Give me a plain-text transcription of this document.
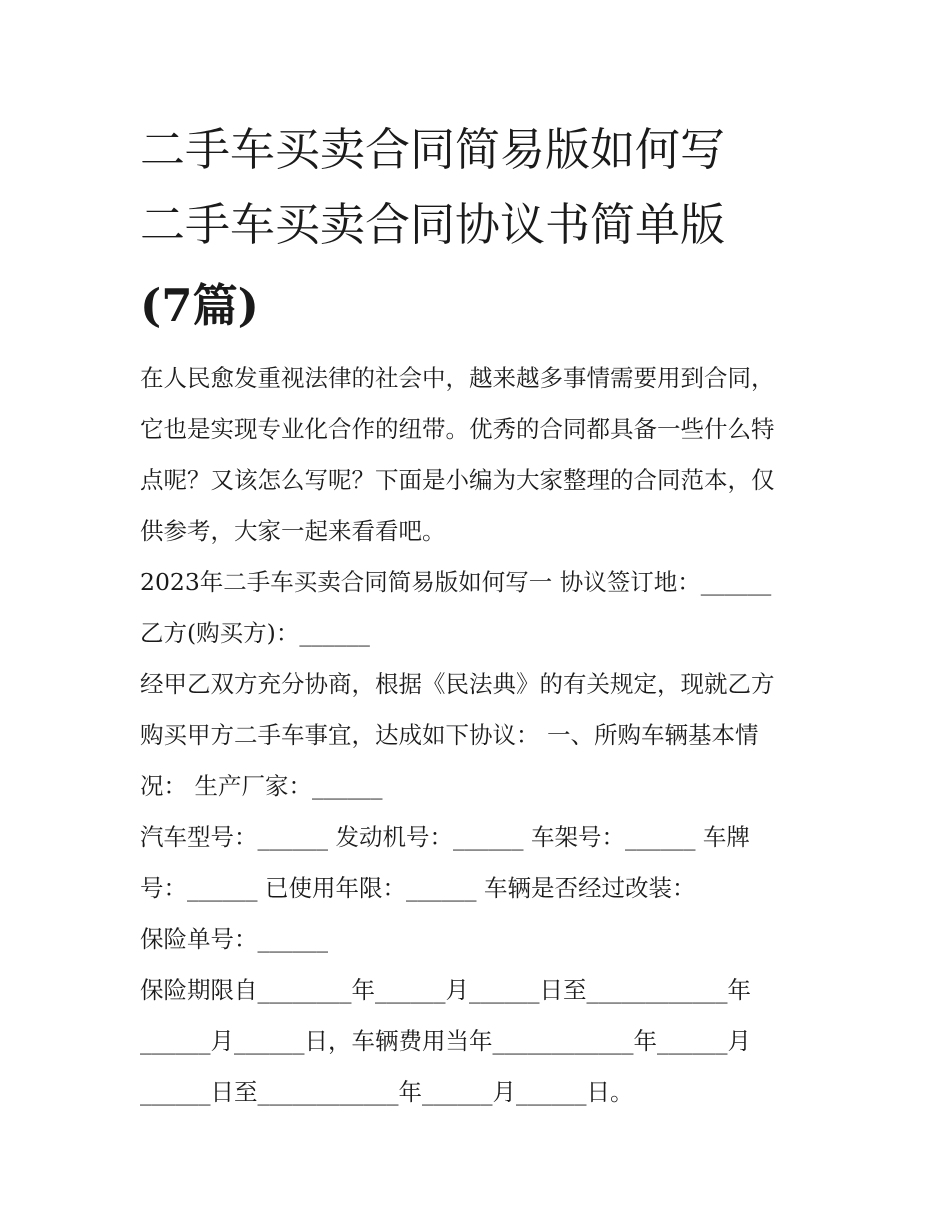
二手车买卖合同简易版如何写
二手车买卖合同协议书简单版
(7篇)

在人民愈发重视法律的社会中，越来越多事情需要用到合同，

它也是实现专业化合作的纽带。优秀的合同都具备一些什么特

点呢？又该怎么写呢？下面是小编为大家整理的合同范本，仅

供参考，大家一起来看看吧。

2023年二手车买卖合同简易版如何写一 协议签订地：______

乙方(购买方)：______

经甲乙双方充分协商，根据《民法典》的有关规定，现就乙方

购买甲方二手车事宜，达成如下协议： 一、所购车辆基本情

况： 生产厂家：______

汽车型号：______ 发动机号：______ 车架号：______ 车牌

号：______ 已使用年限：______ 车辆是否经过改装：

保险单号：______

保险期限自________年______月______日至____________年

______月______日，车辆费用当年____________年______月

______日至____________年______月______日。
